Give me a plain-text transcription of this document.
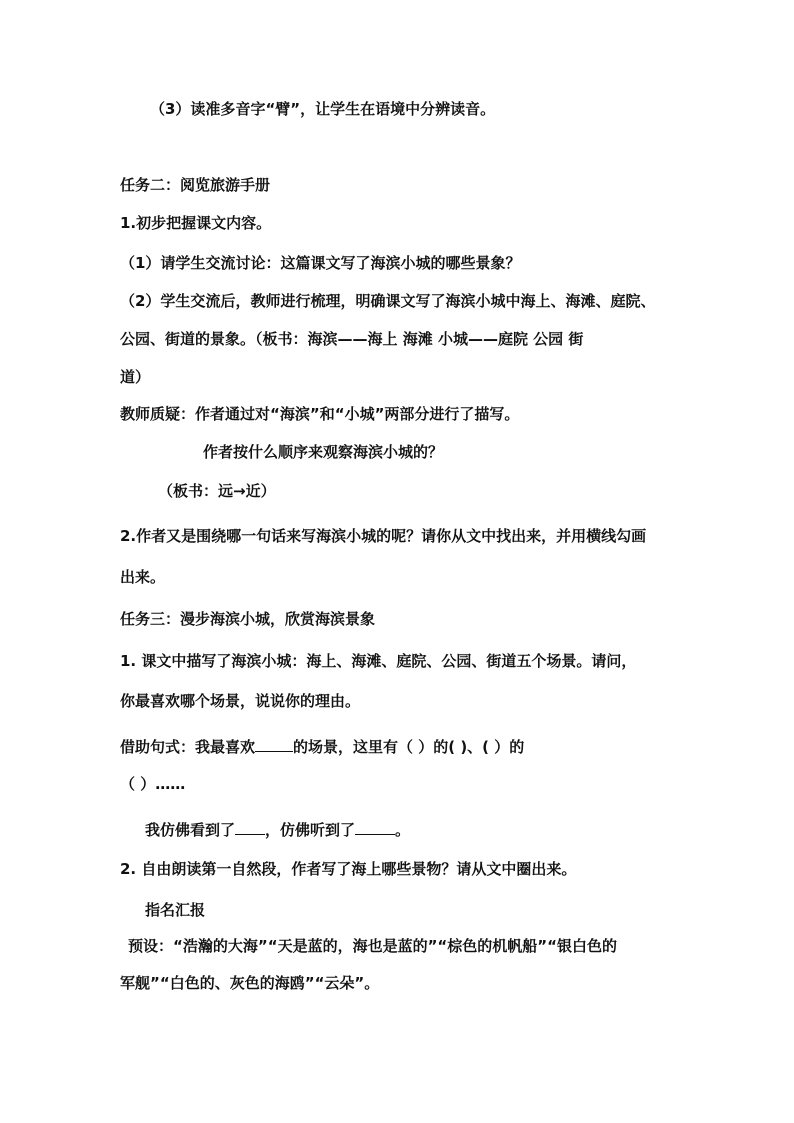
（3）读准多音字“臂”，让学生在语境中分辨读音。
任务二：阅览旅游手册
1.初步把握课文内容。
（1）请学生交流讨论：这篇课文写了海滨小城的哪些景象？
（2）学生交流后，教师进行梳理，明确课文写了海滨小城中海上、海滩、庭院、
公园、街道的景象。（板书：海滨——海上 海滩 小城——庭院 公园 街
道）
教师质疑：作者通过对“海滨”和“小城”两部分进行了描写。
作者按什么顺序来观察海滨小城的？
（板书：远→近）
2.作者又是围绕哪一句话来写海滨小城的呢？请你从文中找出来，并用横线勾画
出来。
任务三：漫步海滨小城，欣赏海滨景象
1. 课文中描写了海滨小城：海上、海滩、庭院、公园、街道五个场景。请问，
你最喜欢哪个场景，说说你的理由。
借助句式：我最喜欢	的场景，这里有（ ）的( )、( ）的
（ ）……
我仿佛看到了 ，仿佛听到了	。
2. 自由朗读第一自然段，作者写了海上哪些景物？请从文中圈出来。
指名汇报
预设：“浩瀚的大海”“天是蓝的，海也是蓝的”“棕色的机帆船”“银白色的
军舰”“白色的、灰色的海鸥”“云朵”。
